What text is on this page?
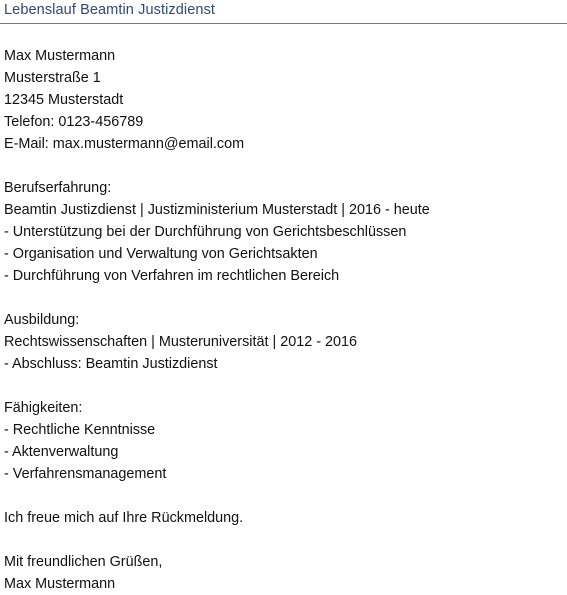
Lebenslauf Beamtin Justizdienst
Max Mustermann
Musterstraße 1
12345 Musterstadt
Telefon: 0123-456789
E-Mail: max.mustermann@email.com
Berufserfahrung:
Beamtin Justizdienst | Justizministerium Musterstadt | 2016 - heute
- Unterstützung bei der Durchführung von Gerichtsbeschlüssen
- Organisation und Verwaltung von Gerichtsakten
- Durchführung von Verfahren im rechtlichen Bereich
Ausbildung:
Rechtswissenschaften | Musteruniversität | 2012 - 2016
- Abschluss: Beamtin Justizdienst
Fähigkeiten:
- Rechtliche Kenntnisse
- Aktenverwaltung
- Verfahrensmanagement
Ich freue mich auf Ihre Rückmeldung.
Mit freundlichen Grüßen,
Max Mustermann
